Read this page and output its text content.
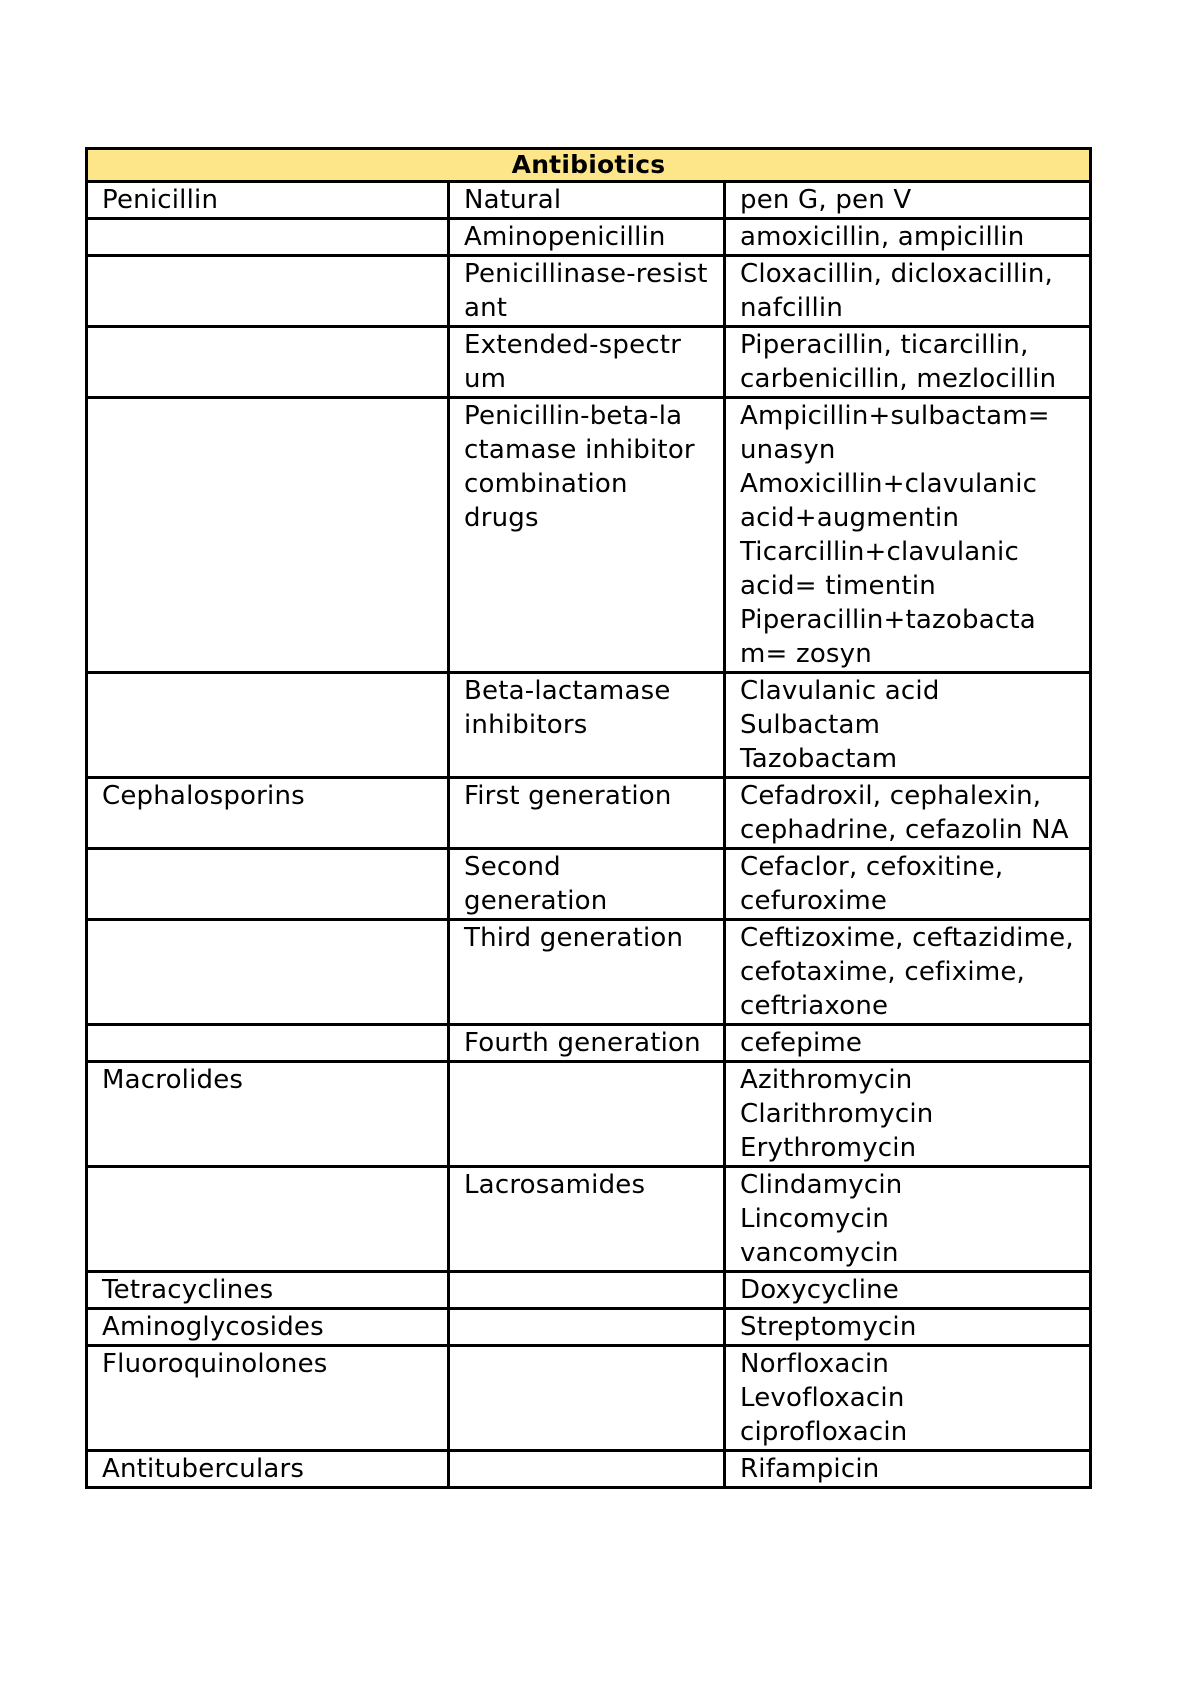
Antibiotics		
Penicillin	Natural	pen G, pen V

	Aminopenicillin	amoxicillin, ampicillin

	Penicillinase-resist ant	Cloxacillin, dicloxacillin, nafcillin

	Extended-spectr um	Piperacillin, ticarcillin, carbenicillin, mezlocillin

	Penicillin-beta-la ctamase inhibitor combination drugs	Ampicillin+sulbactam= unasyn
Amoxicillin+clavulanic acid+augmentin
Ticarcillin+clavulanic acid= timentin
Piperacillin+tazobacta m= zosyn

	Beta-lactamase inhibitors	Clavulanic acid
Sulbactam
Tazobactam

Cephalosporins	First generation	Cefadroxil, cephalexin, cephadrine, cefazolin NA

	Second generation	Cefaclor, cefoxitine, cefuroxime

	Third generation	Ceftizoxime, ceftazidime, cefotaxime, cefixime, ceftriaxone

	Fourth generation	cefepime

Macrolides		Azithromycin
Clarithromycin
Erythromycin

	Lacrosamides	Clindamycin
Lincomycin
vancomycin

Tetracyclines		Doxycycline

Aminoglycosides		Streptomycin

Fluoroquinolones		Norfloxacin
Levofloxacin
ciprofloxacin

Antituberculars		Rifampicin
